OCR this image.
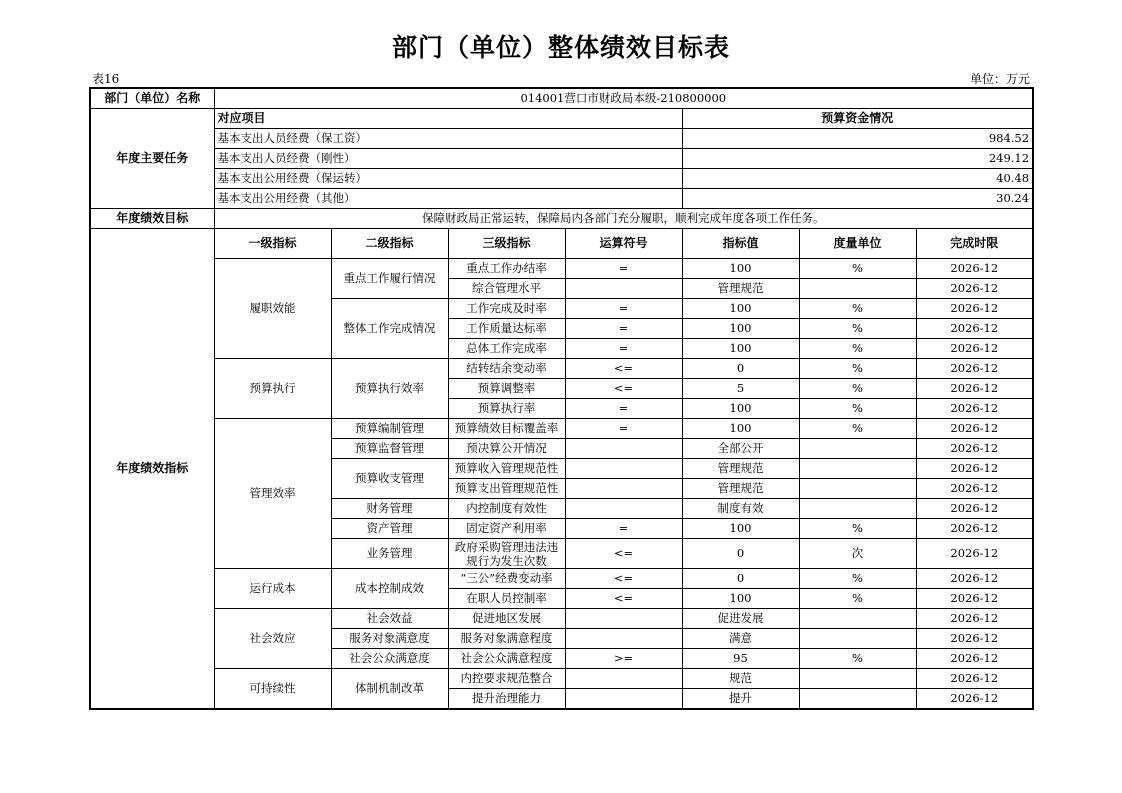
部门（单位）整体绩效目标表
表16	单位：万元
部门（单位）名称	014001营口市财政局本级-210800000						
年度主要任务	对应项目				预算资金情况		
	基本支出人员经费（保工资）				984.52		
	基本支出人员经费（刚性）				249.12		
	基本支出公用经费（保运转）				40.48		
	基本支出公用经费（其他）				30.24		
年度绩效目标	保障财政局正常运转，保障局内各部门充分履职，顺利完成年度各项工作任务。						
年度绩效指标	一级指标	二级指标	三级指标	运算符号	指标值	度量单位	完成时限
	履职效能	重点工作履行情况	重点工作办结率	=	100	%	2026-12
			综合管理水平		管理规范		2026-12
		整体工作完成情况	工作完成及时率	=	100	%	2026-12
			工作质量达标率	=	100	%	2026-12
			总体工作完成率	=	100	%	2026-12
	预算执行	预算执行效率	结转结余变动率	<=	0	%	2026-12
			预算调整率	<=	5	%	2026-12
			预算执行率	=	100	%	2026-12
	管理效率	预算编制管理	预算绩效目标覆盖率	=	100	%	2026-12
		预算监督管理	预决算公开情况		全部公开		2026-12
		预算收支管理	预算收入管理规范性		管理规范		2026-12
			预算支出管理规范性		管理规范		2026-12
		财务管理	内控制度有效性		制度有效		2026-12
		资产管理	固定资产利用率	=	100	%	2026-12
		业务管理	政府采购管理违法违规行为发生次数	<=	0	次	2026-12
	运行成本	成本控制成效	“三公”经费变动率	<=	0	%	2026-12
			在职人员控制率	<=	100	%	2026-12
	社会效应	社会效益	促进地区发展		促进发展		2026-12
		服务对象满意度	服务对象满意程度		满意		2026-12
		社会公众满意度	社会公众满意程度	>=	95	%	2026-12
	可持续性	体制机制改革	内控要求规范整合		规范		2026-12
			提升治理能力		提升		2026-12
